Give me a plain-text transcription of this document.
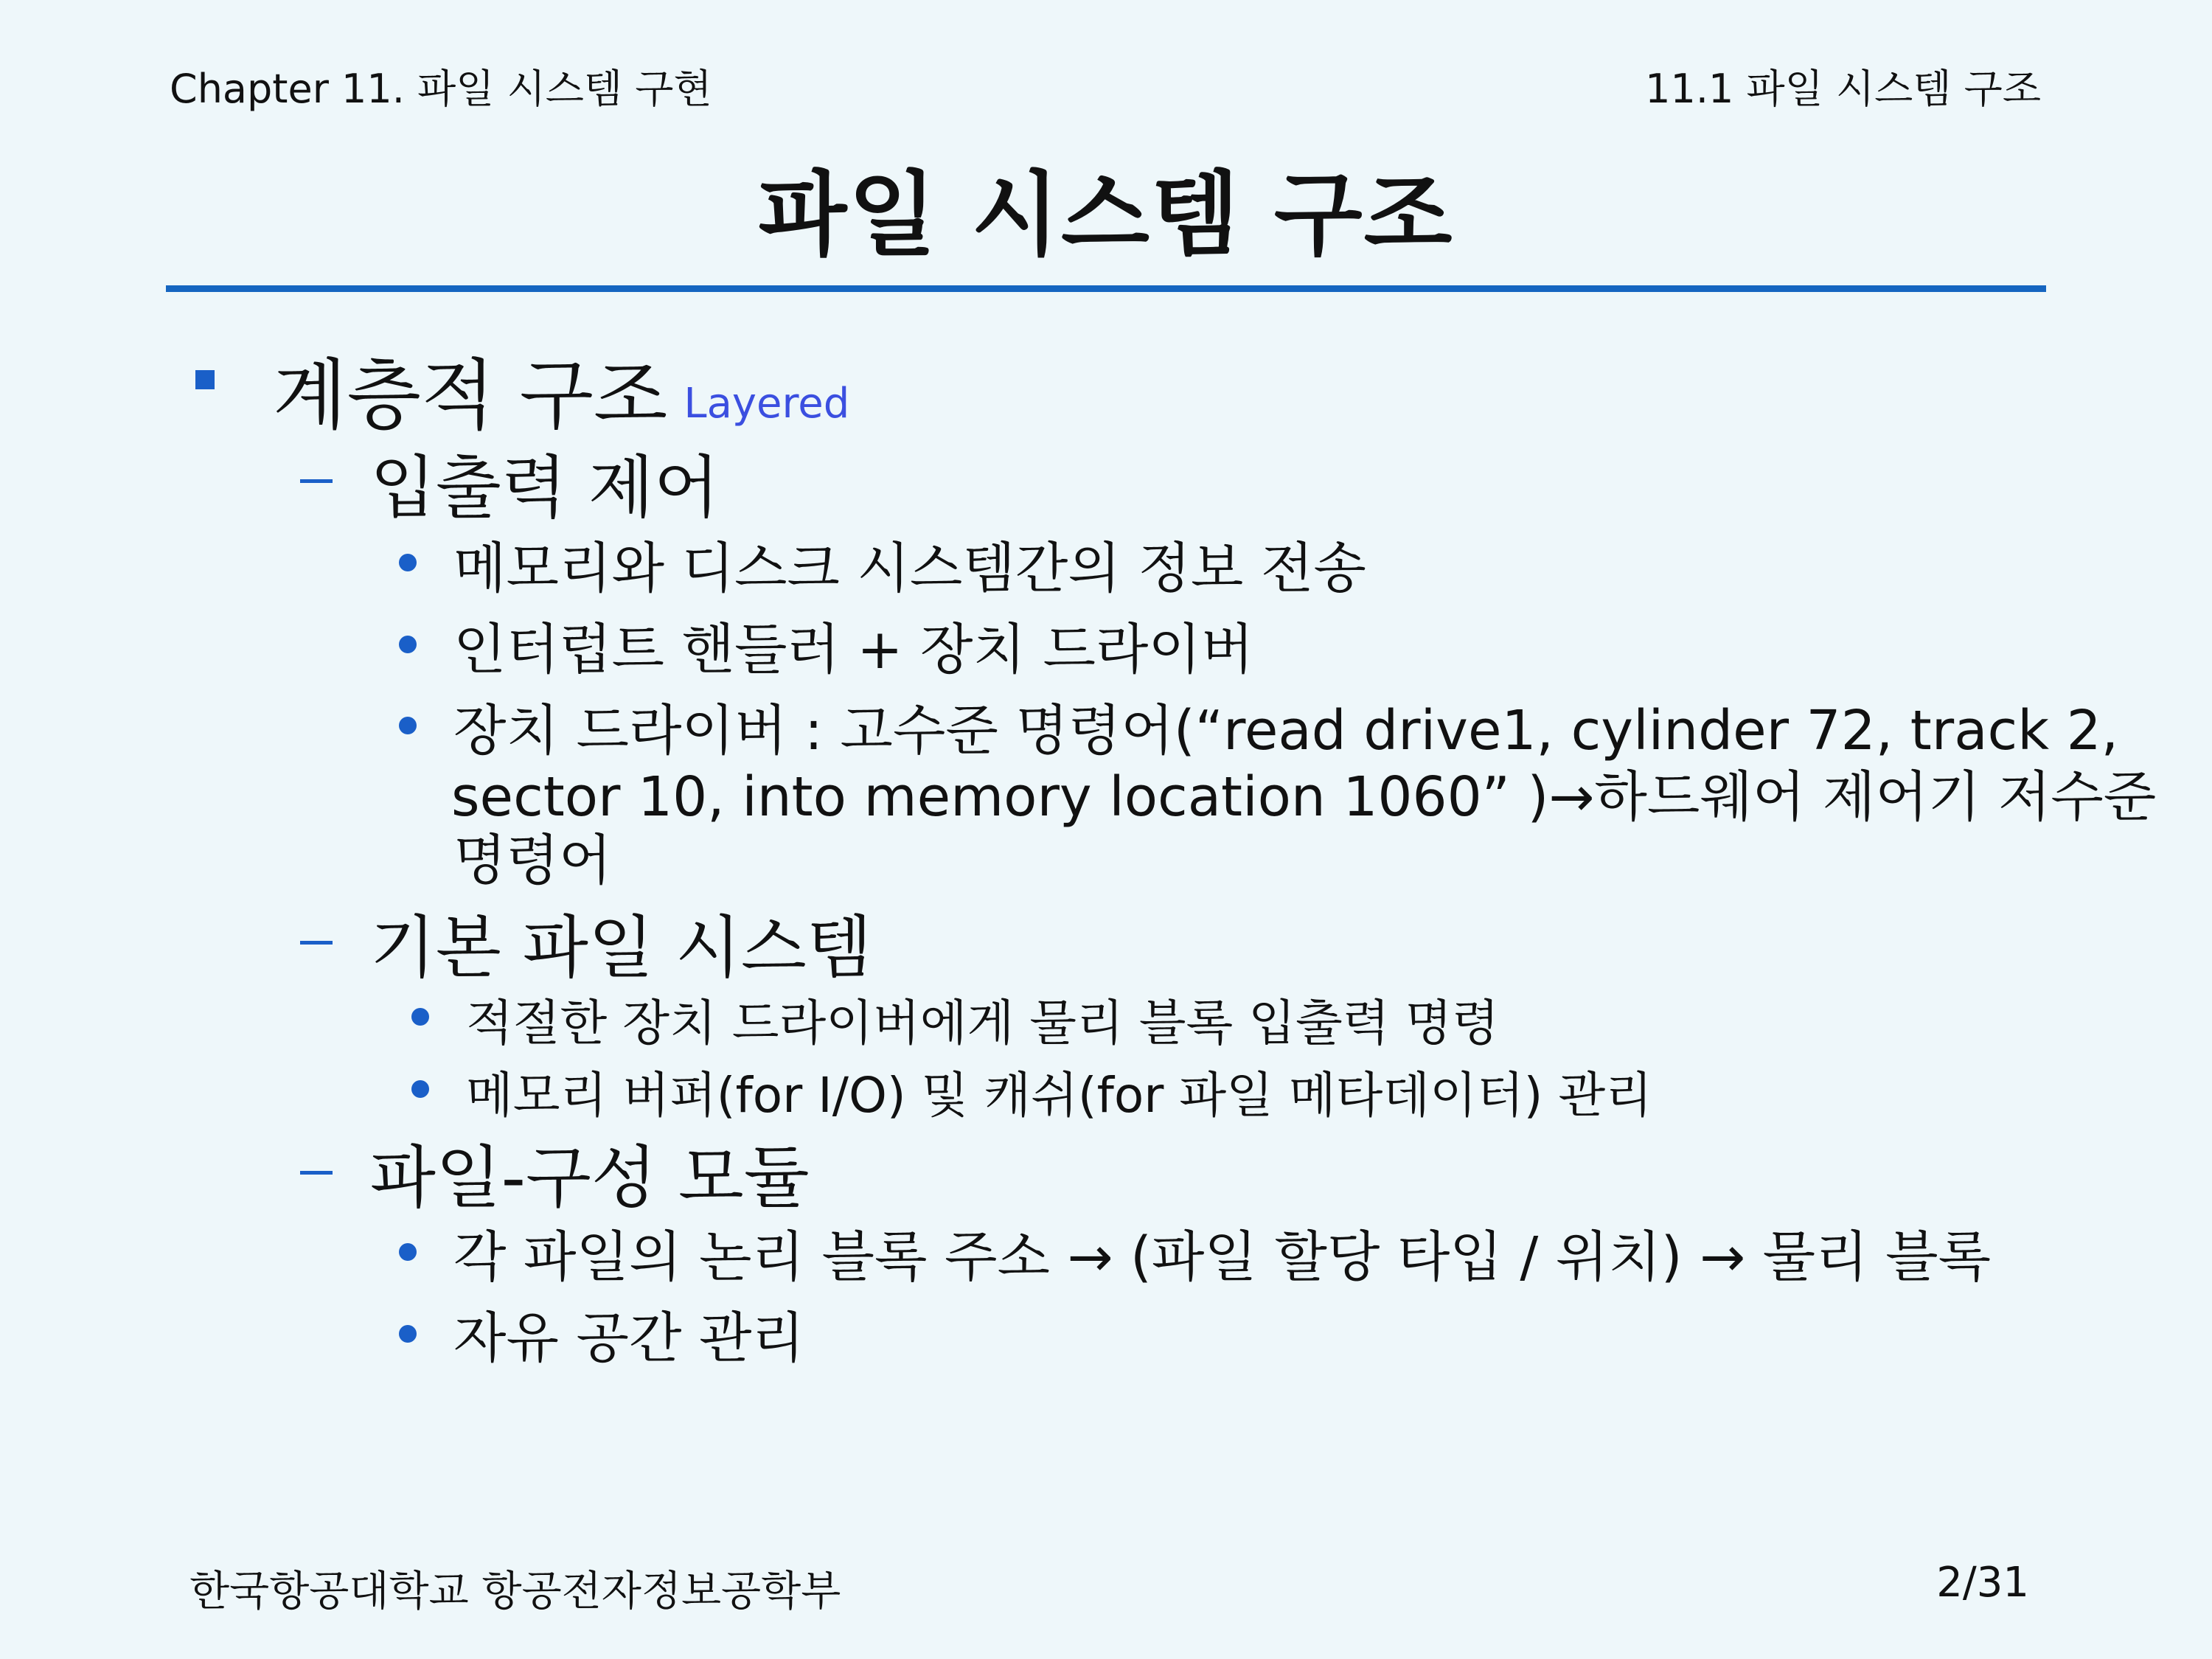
Chapter 11. 파일 시스템 구현	11.1 파일 시스템 구조
파일 시스템 구조
계층적 구조 Layered
입출력 제어
메모리와 디스크 시스템간의 정보 전송
인터럽트 핸들러 + 장치 드라이버
장치 드라이버 : 고수준 명령어(“read drive1, cylinder 72, track 2,
sector 10, into memory location 1060” )→하드웨어 제어기 저수준
명령어
기본 파일 시스템
적절한 장치 드라이버에게 물리 블록 입출력 명령
메모리 버퍼(for I/O) 및 캐쉬(for 파일 메타데이터) 관리
파일-구성 모듈
각 파일의 논리 블록 주소 → (파일 할당 타입 / 위치) → 물리 블록
자유 공간 관리
한국항공대학교 항공전자정보공학부	2/31
